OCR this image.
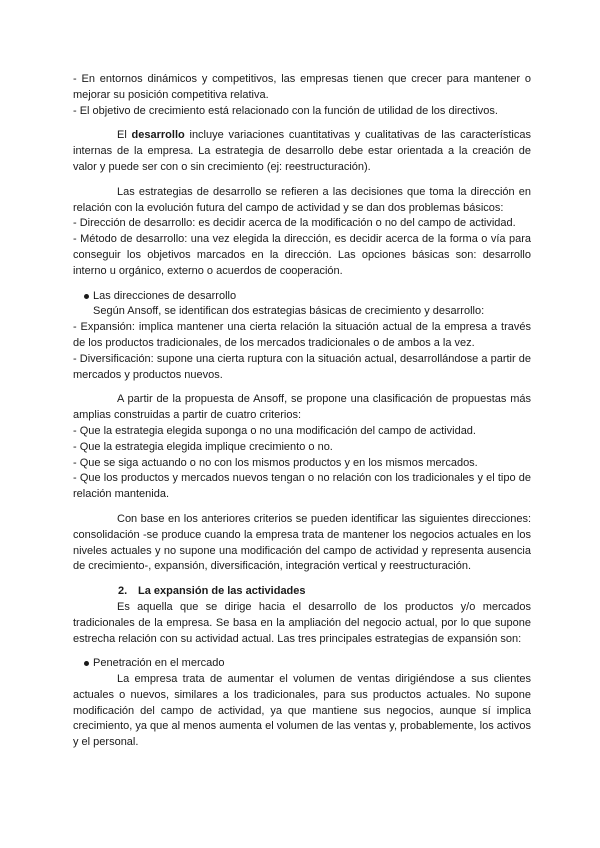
- En entornos dinámicos y competitivos, las empresas tienen que crecer para mantener o mejorar su posición competitiva relativa.
- El objetivo de crecimiento está relacionado con la función de utilidad de los directivos.

El desarrollo incluye variaciones cuantitativas y cualitativas de las características internas de la empresa. La estrategia de desarrollo debe estar orientada a la creación de valor y puede ser con o sin crecimiento (ej: reestructuración).

Las estrategias de desarrollo se refieren a las decisiones que toma la dirección en relación con la evolución futura del campo de actividad y se dan dos problemas básicos:
- Dirección de desarrollo: es decidir acerca de la modificación o no del campo de actividad.
- Método de desarrollo: una vez elegida la dirección, es decidir acerca de la forma o vía para conseguir los objetivos marcados en la dirección. Las opciones básicas son: desarrollo interno u orgánico, externo o acuerdos de cooperación.
Las direcciones de desarrollo
Según Ansoff, se identifican dos estrategias básicas de crecimiento y desarrollo:
- Expansión: implica mantener una cierta relación la situación actual de la empresa a través de los productos tradicionales, de los mercados tradicionales o de ambos a la vez.
- Diversificación: supone una cierta ruptura con la situación actual, desarrollándose a partir de mercados y productos nuevos.
A partir de la propuesta de Ansoff, se propone una clasificación de propuestas más amplias construidas a partir de cuatro criterios:
- Que la estrategia elegida suponga o no una modificación del campo de actividad.
- Que la estrategia elegida implique crecimiento o no.
- Que se siga actuando o no con los mismos productos y en los mismos mercados.
- Que los productos y mercados nuevos tengan o no relación con los tradicionales y el tipo de relación mantenida.

Con base en los anteriores criterios se pueden identificar las siguientes direcciones: consolidación -se produce cuando la empresa trata de mantener los negocios actuales en los niveles actuales y no supone una modificación del campo de actividad y representa ausencia de crecimiento-, expansión, diversificación, integración vertical y reestructuración.

2. La expansión de las actividades

Es aquella que se dirige hacia el desarrollo de los productos y/o mercados tradicionales de la empresa. Se basa en la ampliación del negocio actual, por lo que supone estrecha relación con su actividad actual. Las tres principales estrategias de expansión son:

Penetración en el mercado
La empresa trata de aumentar el volumen de ventas dirigiéndose a sus clientes actuales o nuevos, similares a los tradicionales, para sus productos actuales. No supone modificación del campo de actividad, ya que mantiene sus negocios, aunque sí implica crecimiento, ya que al menos aumenta el volumen de las ventas y, probablemente, los activos y el personal.
